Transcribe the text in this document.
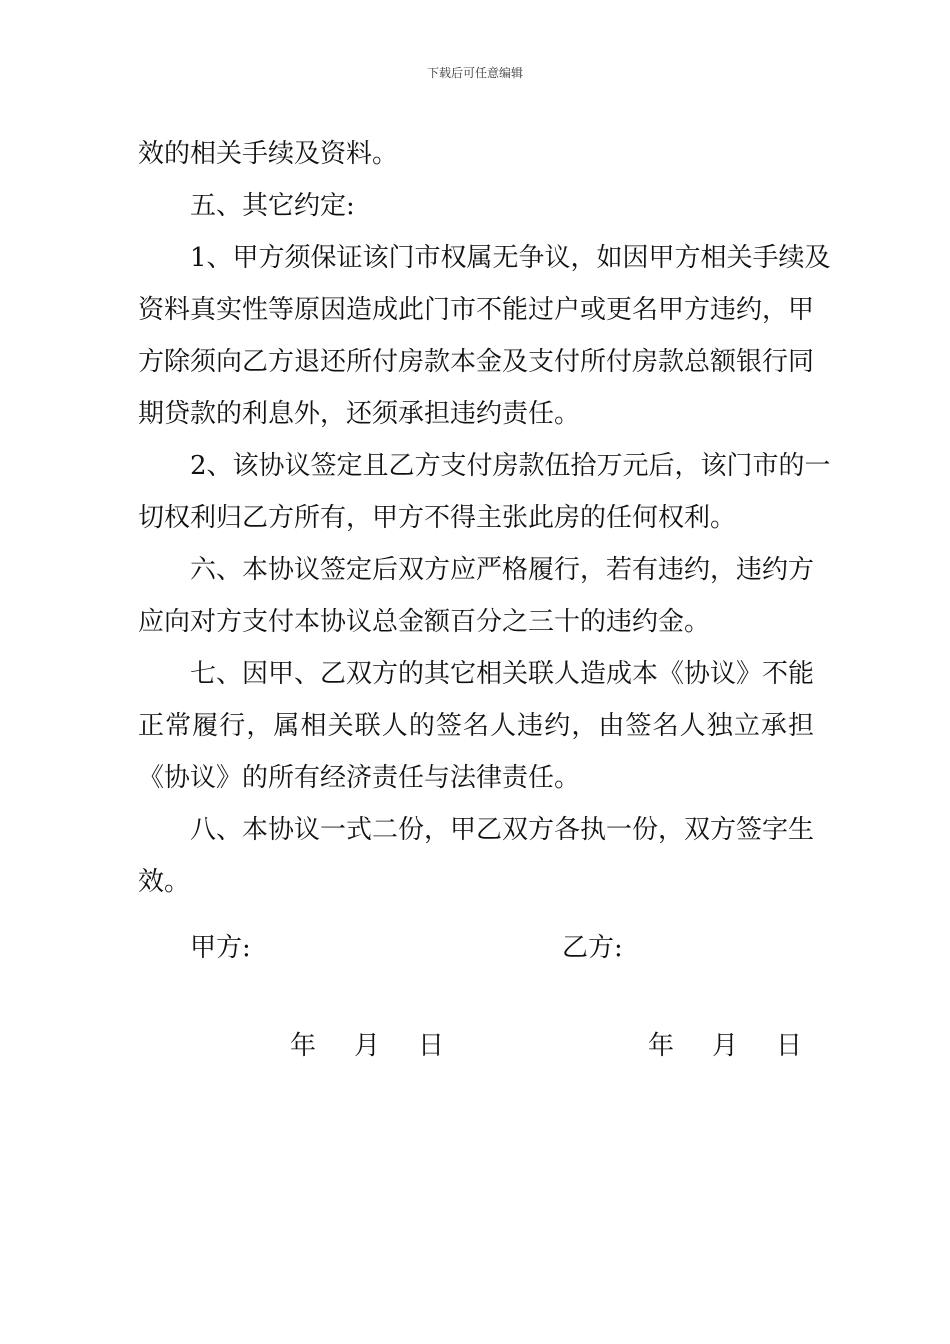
下载后可任意编辑
效的相关手续及资料。
五、其它约定:
1、甲方须保证该门市权属无争议，如因甲方相关手续及
资料真实性等原因造成此门市不能过户或更名甲方违约，甲
方除须向乙方退还所付房款本金及支付所付房款总额银行同
期贷款的利息外，还须承担违约责任。
2、该协议签定且乙方支付房款伍拾万元后，该门市的一
切权利归乙方所有，甲方不得主张此房的任何权利。
六、本协议签定后双方应严格履行，若有违约，违约方
应向对方支付本协议总金额百分之三十的违约金。
七、因甲、乙双方的其它相关联人造成本《协议》不能
正常履行，属相关联人的签名人违约，由签名人独立承担
《协议》的所有经济责任与法律责任。
八、本协议一式二份，甲乙双方各执一份，双方签字生
效。
甲方:	乙方:
年 月 日	年 月 日
